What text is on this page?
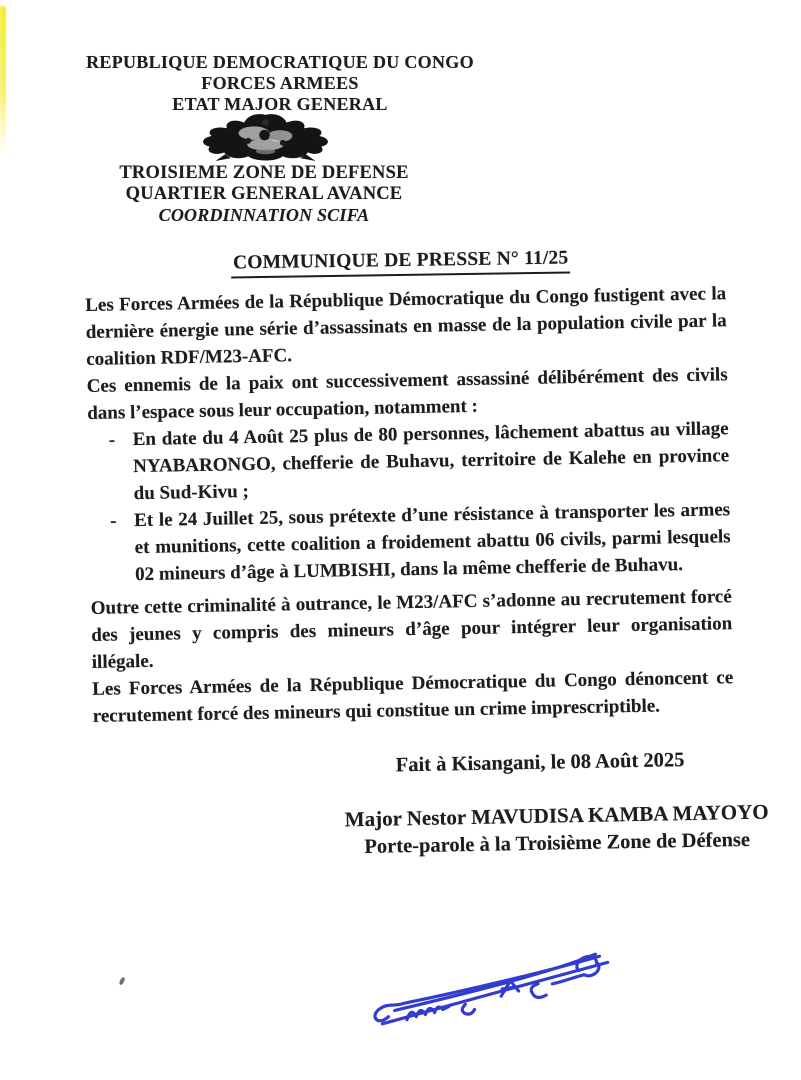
REPUBLIQUE DEMOCRATIQUE DU CONGO
FORCES ARMEES
ETAT MAJOR GENERAL
TROISIEME ZONE DE DEFENSE
QUARTIER GENERAL AVANCE
COORDINNATION SCIFA
COMMUNIQUE DE PRESSE N° 11/25

Les Forces Armées de la République Démocratique du Congo fustigent avec la dernière énergie une série d’assassinats en masse de la population civile par la coalition RDF/M23-AFC.

Ces ennemis de la paix ont successivement assassiné délibérément des civils dans l’espace sous leur occupation, notamment :

- En date du 4 Août 25 plus de 80 personnes, lâchement abattus au village NYABARONGO, chefferie de Buhavu, territoire de Kalehe en province du Sud-Kivu ;
- Et le 24 Juillet 25, sous prétexte d’une résistance à transporter les armes et munitions, cette coalition a froidement abattu 06 civils, parmi lesquels 02 mineurs d’âge à LUMBISHI, dans la même chefferie de Buhavu.

Outre cette criminalité à outrance, le M23/AFC s’adonne au recrutement forcé des jeunes y compris des mineurs d’âge pour intégrer leur organisation illégale.

Les Forces Armées de la République Démocratique du Congo dénoncent ce recrutement forcé des mineurs qui constitue un crime imprescriptible.

Fait à Kisangani, le 08 Août 2025
Major Nestor MAVUDISA KAMBA MAYOYO
Porte-parole à la Troisième Zone de Défense
